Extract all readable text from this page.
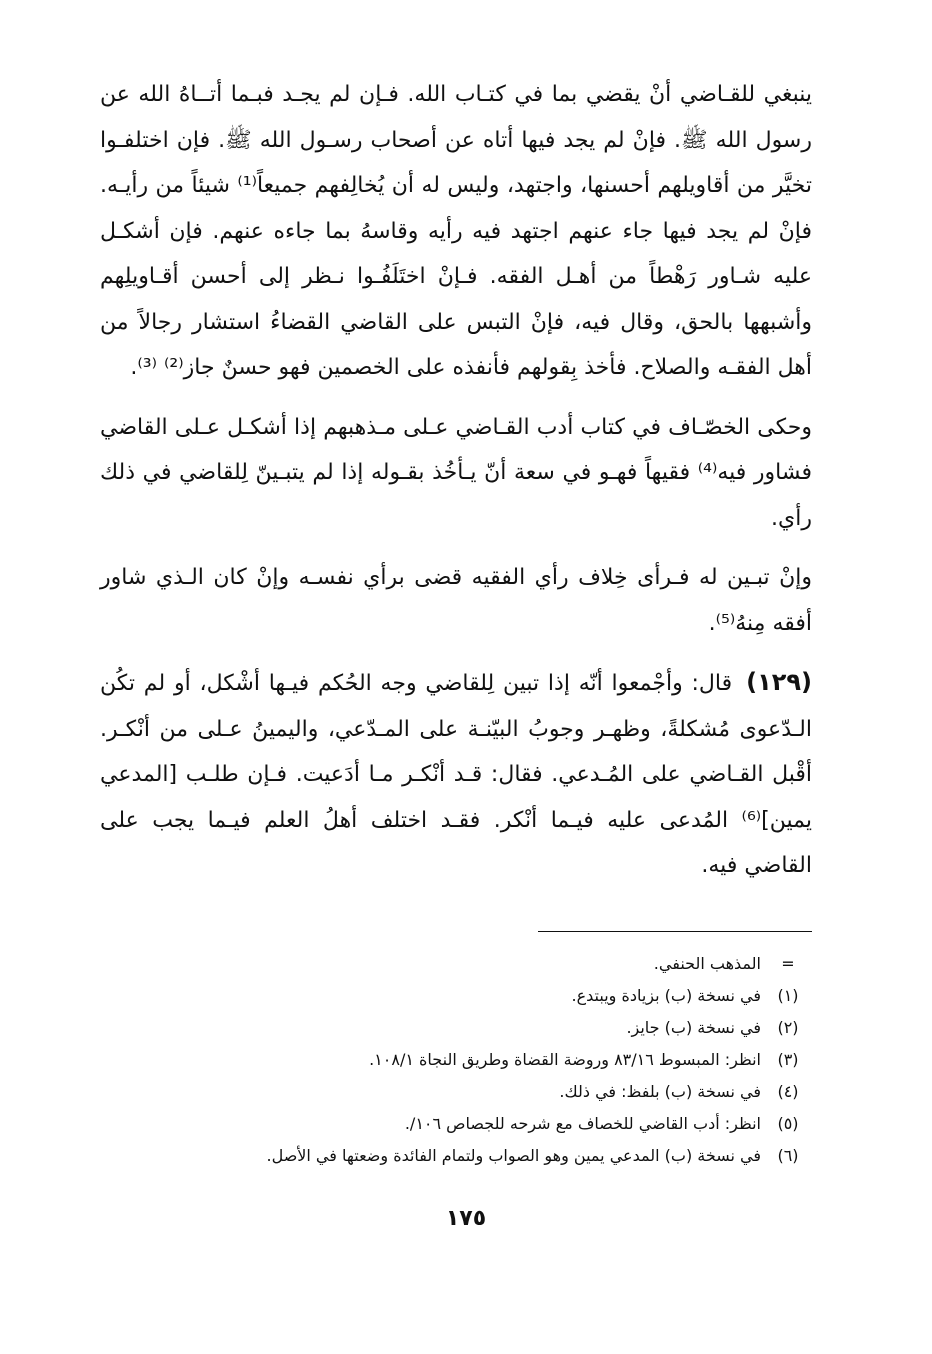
ينبغي للقـاضي أنْ يقضي بما في كتـاب الله. فـإن لم يجـد فبـما أتــاهُ الله عن رسول الله ﷺ. فإنْ لم يجد فيها أتاه عن أصحاب رسـول الله ﷺ. فإن اختلفـوا تخيَّر من أقاويلهم أحسنها، واجتهد، وليس له أن يُخالِفهم جميعاً⁽¹⁾ شيئاً من رأيـه. فإنْ لم يجد فيها جاء عنهم اجتهد فيه رأيه وقاسهُ بما جاءه عنهم. فإن أشكـل عليه شـاور رَهْطاً من أهـل الفقه. فـإنْ اختَلَفُـوا نـظر إلى أحسن أقـاويلِهم وأشبهها بالحق، وقال فيه، فإنْ التبس على القاضي القضاءُ استشار رجالاً من أهل الفقـه والصلاح. فأخذ بِقولهم فأنفذه على الخصمين فهو حسنٌ جاز⁽²⁾ ⁽³⁾.

وحكى الخصّـاف في كتاب أدب القـاضي عـلى مـذهبهم إذا أشكـل عـلى القاضي فشاور فيه⁽⁴⁾ فقيهاً فهـو في سعة أنّ يـأخُذ بقـوله إذا لم يتبـينّ لِلقاضي في ذلك رأي.

وإنْ تبـين له فـرأى خِلاف رأي الفقيه قضى برأي نفسـه وإنْ كان الـذي شاور أفقه مِنهُ⁽⁵⁾.

(١٢٩)قال: وأجْمعوا أنّه إذا تبين لِلقاضي وجه الحُكم فيـها أشْكل، أو لم تكُن الـدّعوى مُشكلةً، وظهـر وجوبُ البيّنـة على المـدّعي، واليمينُ عـلى من أنْكـر. أقْبل القـاضي على المُـدعي. فقال: قـد أنْكـر مـا أدَعيت. فـإن طلـب [المدعي يمين]⁽⁶⁾ المُدعى عليه فيـما أنْكر. فقـد اختلف أهلُ العلم فيـما يجب على القاضي فيه.

=
المذهب الحنفي.
(١)
في نسخة (ب) بزيادة ويبتدع.
(٢)
في نسخة (ب) جايز.
(٣)
انظر: المبسوط ٨٣/١٦ وروضة القضاة وطريق النجاة ١٠٨/١.
(٤)
في نسخة (ب) بلفظ: في ذلك.
(٥)
انظر: أدب القاضي للخصاف مع شرحه للجصاص ١٠٦/.
(٦)
في نسخة (ب) المدعي يمين وهو الصواب ولتمام الفائدة وضعتها في الأصل.
١٧٥
